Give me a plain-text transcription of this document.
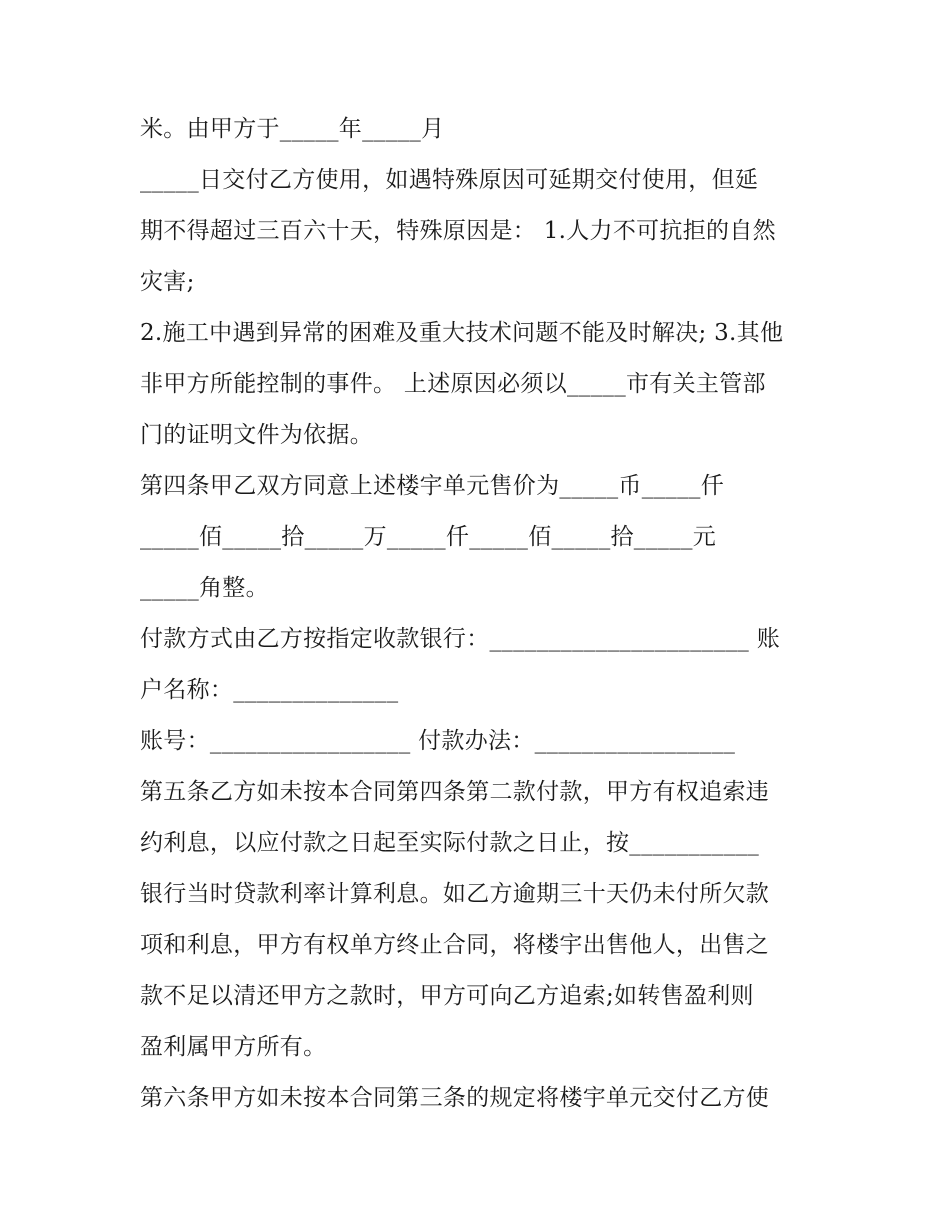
米。由甲方于_____年_____月
_____日交付乙方使用，如遇特殊原因可延期交付使用，但延
期不得超过三百六十天，特殊原因是： 1.人力不可抗拒的自然
灾害;
2.施工中遇到异常的困难及重大技术问题不能及时解决; 3.其他
非甲方所能控制的事件。 上述原因必须以_____市有关主管部
门的证明文件为依据。
第四条甲乙双方同意上述楼宇单元售价为_____币_____仟
_____佰_____拾_____万_____仟_____佰_____拾_____元
_____角整。
付款方式由乙方按指定收款银行：______________________ 账
户名称：______________
账号：_________________ 付款办法：_________________
第五条乙方如未按本合同第四条第二款付款，甲方有权追索违
约利息，以应付款之日起至实际付款之日止，按___________
银行当时贷款利率计算利息。如乙方逾期三十天仍未付所欠款
项和利息，甲方有权单方终止合同，将楼宇出售他人，出售之
款不足以清还甲方之款时，甲方可向乙方追索;如转售盈利则
盈利属甲方所有。
第六条甲方如未按本合同第三条的规定将楼宇单元交付乙方使
